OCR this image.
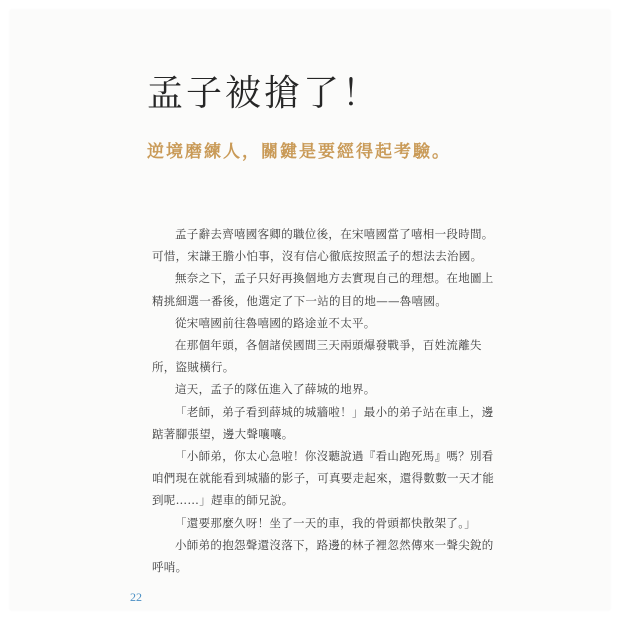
孟子被搶了！
逆境磨練人，關鍵是要經得起考驗。

孟子辭去齊嘻國客卿的職位後，在宋嘻國當了嘻相一段時間。可惜，宋謙王膽小怕事，沒有信心徹底按照孟子的想法去治國。

無奈之下，孟子只好再換個地方去實現自己的理想。在地圖上精挑細選一番後，他選定了下一站的目的地——魯嘻國。

從宋嘻國前往魯嘻國的路途並不太平。

在那個年頭，各個諸侯國間三天兩頭爆發戰爭，百姓流離失所，盜賊橫行。

這天，孟子的隊伍進入了薛城的地界。

「老師，弟子看到薛城的城牆啦！」最小的弟子站在車上，邊踮著腳張望，邊大聲嚷嚷。

「小師弟，你太心急啦！你沒聽說過『看山跑死馬』嗎？別看咱們現在就能看到城牆的影子，可真要走起來，還得數數一天才能到呢……」趕車的師兄說。

「還要那麼久呀！坐了一天的車，我的骨頭都快散架了。」

小師弟的抱怨聲還沒落下，路邊的林子裡忽然傳來一聲尖銳的呼哨。

22
